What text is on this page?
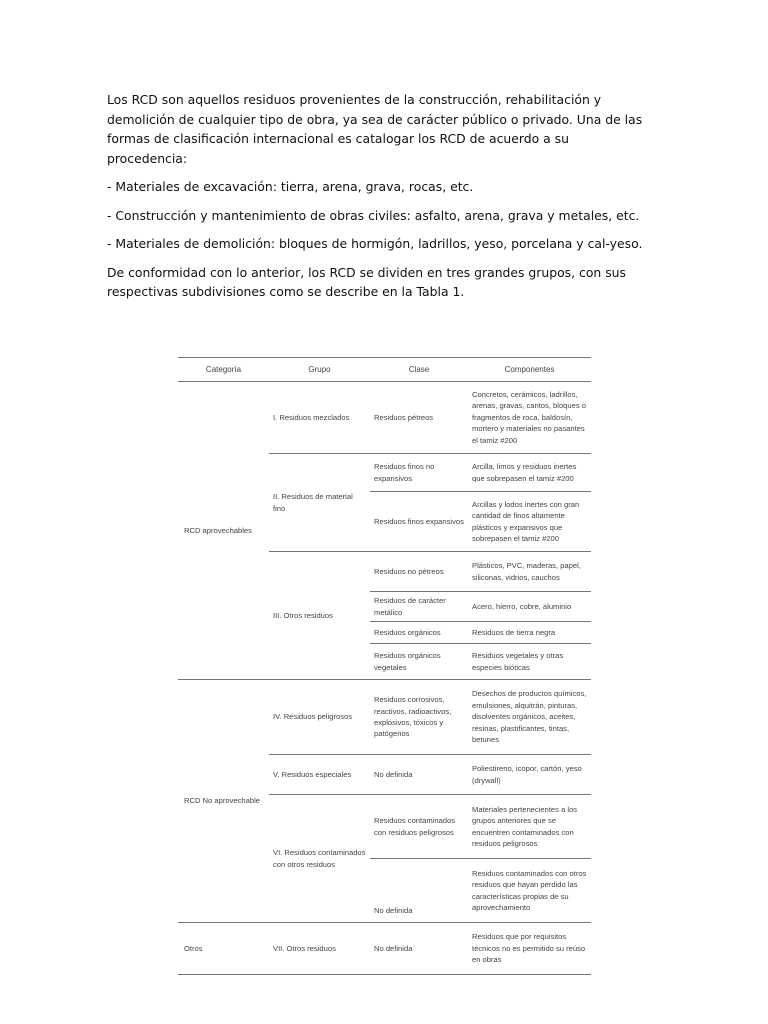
Los RCD son aquellos residuos provenientes de la construcción, rehabilitación y demolición de cualquier tipo de obra, ya sea de carácter público o privado. Una de las formas de clasificación internacional es catalogar los RCD de acuerdo a su procedencia:

- Materiales de excavación: tierra, arena, grava, rocas, etc.

- Construcción y mantenimiento de obras civiles: asfalto, arena, grava y metales, etc.

- Materiales de demolición: bloques de hormigón, ladrillos, yeso, porcelana y cal-yeso.

De conformidad con lo anterior, los RCD se dividen en tres grandes grupos, con sus respectivas subdivisiones como se describe en la Tabla 1.

Categoría	Grupo	Clase	Componentes
RCD aprovechables	I. Residuos mezclados	Residuos pétreos	Concretos, cerámicos, ladrillos, arenas, gravas, cantos, bloques o fragmentos de roca, baldosín, mortero y materiales no pasantes el tamiz #200
	II. Residuos de material fino	Residuos finos no expansivos	Arcilla, limos y residuos inertes que sobrepasen el tamiz #200
		Residuos finos expansivos	Arcillas y lodos inertes con gran cantidad de finos altamente plásticos y expansivos que sobrepasen el tamiz #200
	III. Otros residuos	Residuos no pétreos	Plásticos, PVC, maderas, papel, siliconas, vidrios, cauchos
		Residuos de carácter metálico	Acero, hierro, cobre, aluminio
		Residuos orgánicos	Residuos de tierra negra
		Residuos orgánicos vegetales	Residuos vegetales y otras especies bióticas
RCD No aprovechable	IV. Residuos peligrosos	Residuos corrosivos, reactivos, radioactivos, explosivos, tóxicos y patógenos	Desechos de productos químicos, emulsiones, alquitrán, pinturas, disolventes orgánicos, aceites, resinas, plastificantes, tintas, betunes
	V. Residuos especiales	No definida	Poliestireno, icopor, cartón, yeso (drywall)
	VI. Residuos contaminados con otros residuos	Residuos contaminados con residuos peligrosos	Materiales pertenecientes a los grupos anteriores que se encuentren contaminados con residuos peligrosos
		No definida	Residuos contaminados con otros residuos que hayan perdido las características propias de su aprovechamiento
Otros	VII. Otros residuos	No definida	Residuos que por requisitos técnicos no es permitido su reúso en obras
